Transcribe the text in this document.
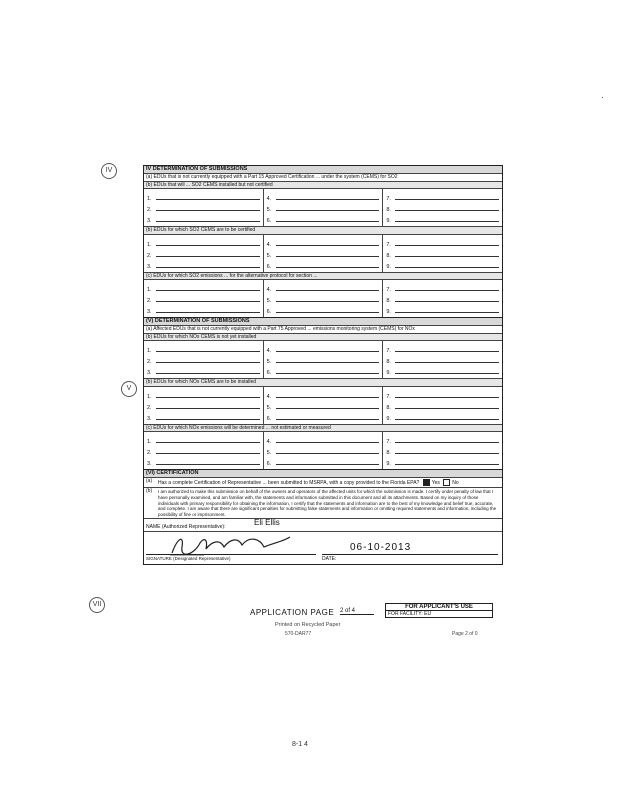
IV
V
VII
IV DETERMINATION OF SUBMISSIONS
(a) EDUs that is not currently equipped with a Part 15 Approved Certification ... under the system (CEMS) for SO2
(b) EDUs that will ... SO2 CEMS installed but not certified
1.
2.
3.
4.
5.
6.
7.
8.
9.
(b) EDUs for which SO2 CEMS are to be certified
1.
2.
3.
4.
5.
6.
7.
8.
9.
(c) EDUs for which SO2 emissions ... for the alternative protocol for section ...
1.
2.
3.
4.
5.
6.
7.
8.
9.
(V) DETERMINATION OF SUBMISSIONS
(a) Affected EDUs that is not currently equipped with a Part 75 Approved ... emissions monitoring system (CEMS) for NOx
(b) EDUs for which NOx CEMS is not yet installed
1.
2.
3.
4.
5.
6.
7.
8.
9.
(b) EDUs for which NOx CEMS are to be installed
1.
2.
3.
4.
5.
6.
7.
8.
9.
(c) EDUs for which NOx emissions will be determined ... not estimated or measured
1.
2.
3.
4.
5.
6.
7.
8.
9.
(VI) CERTIFICATION
(a)	Has a complete Certification of Representative ... been submitted to MSRPA, with a copy provided to the Florida EPA? Yes No
(b)	I am authorized to make this submission on behalf of the owners and operators of the affected units for which the submission is made. I certify under penalty of law that I have personally examined, and am familiar with, the statements and information submitted in this document and all its attachments. Based on my inquiry of those individuals with primary responsibility for obtaining the information, I certify that the statements and information are to the best of my knowledge and belief true, accurate, and complete. I am aware that there are significant penalties for submitting false statements and information or omitting required statements and information, including the possibility of fine or imprisonment.
NAME (Authorized Representative):	Eli Ellis
SIGNATURE (Designated Representative)	DATE:
06-10-2013
APPLICATION PAGE 2 of 4
Printed on Recycled Paper
570-DAR77
FOR APPLICANT'S USE
FOR FACILITY: EU
Page 2 of 0
8-1 4
